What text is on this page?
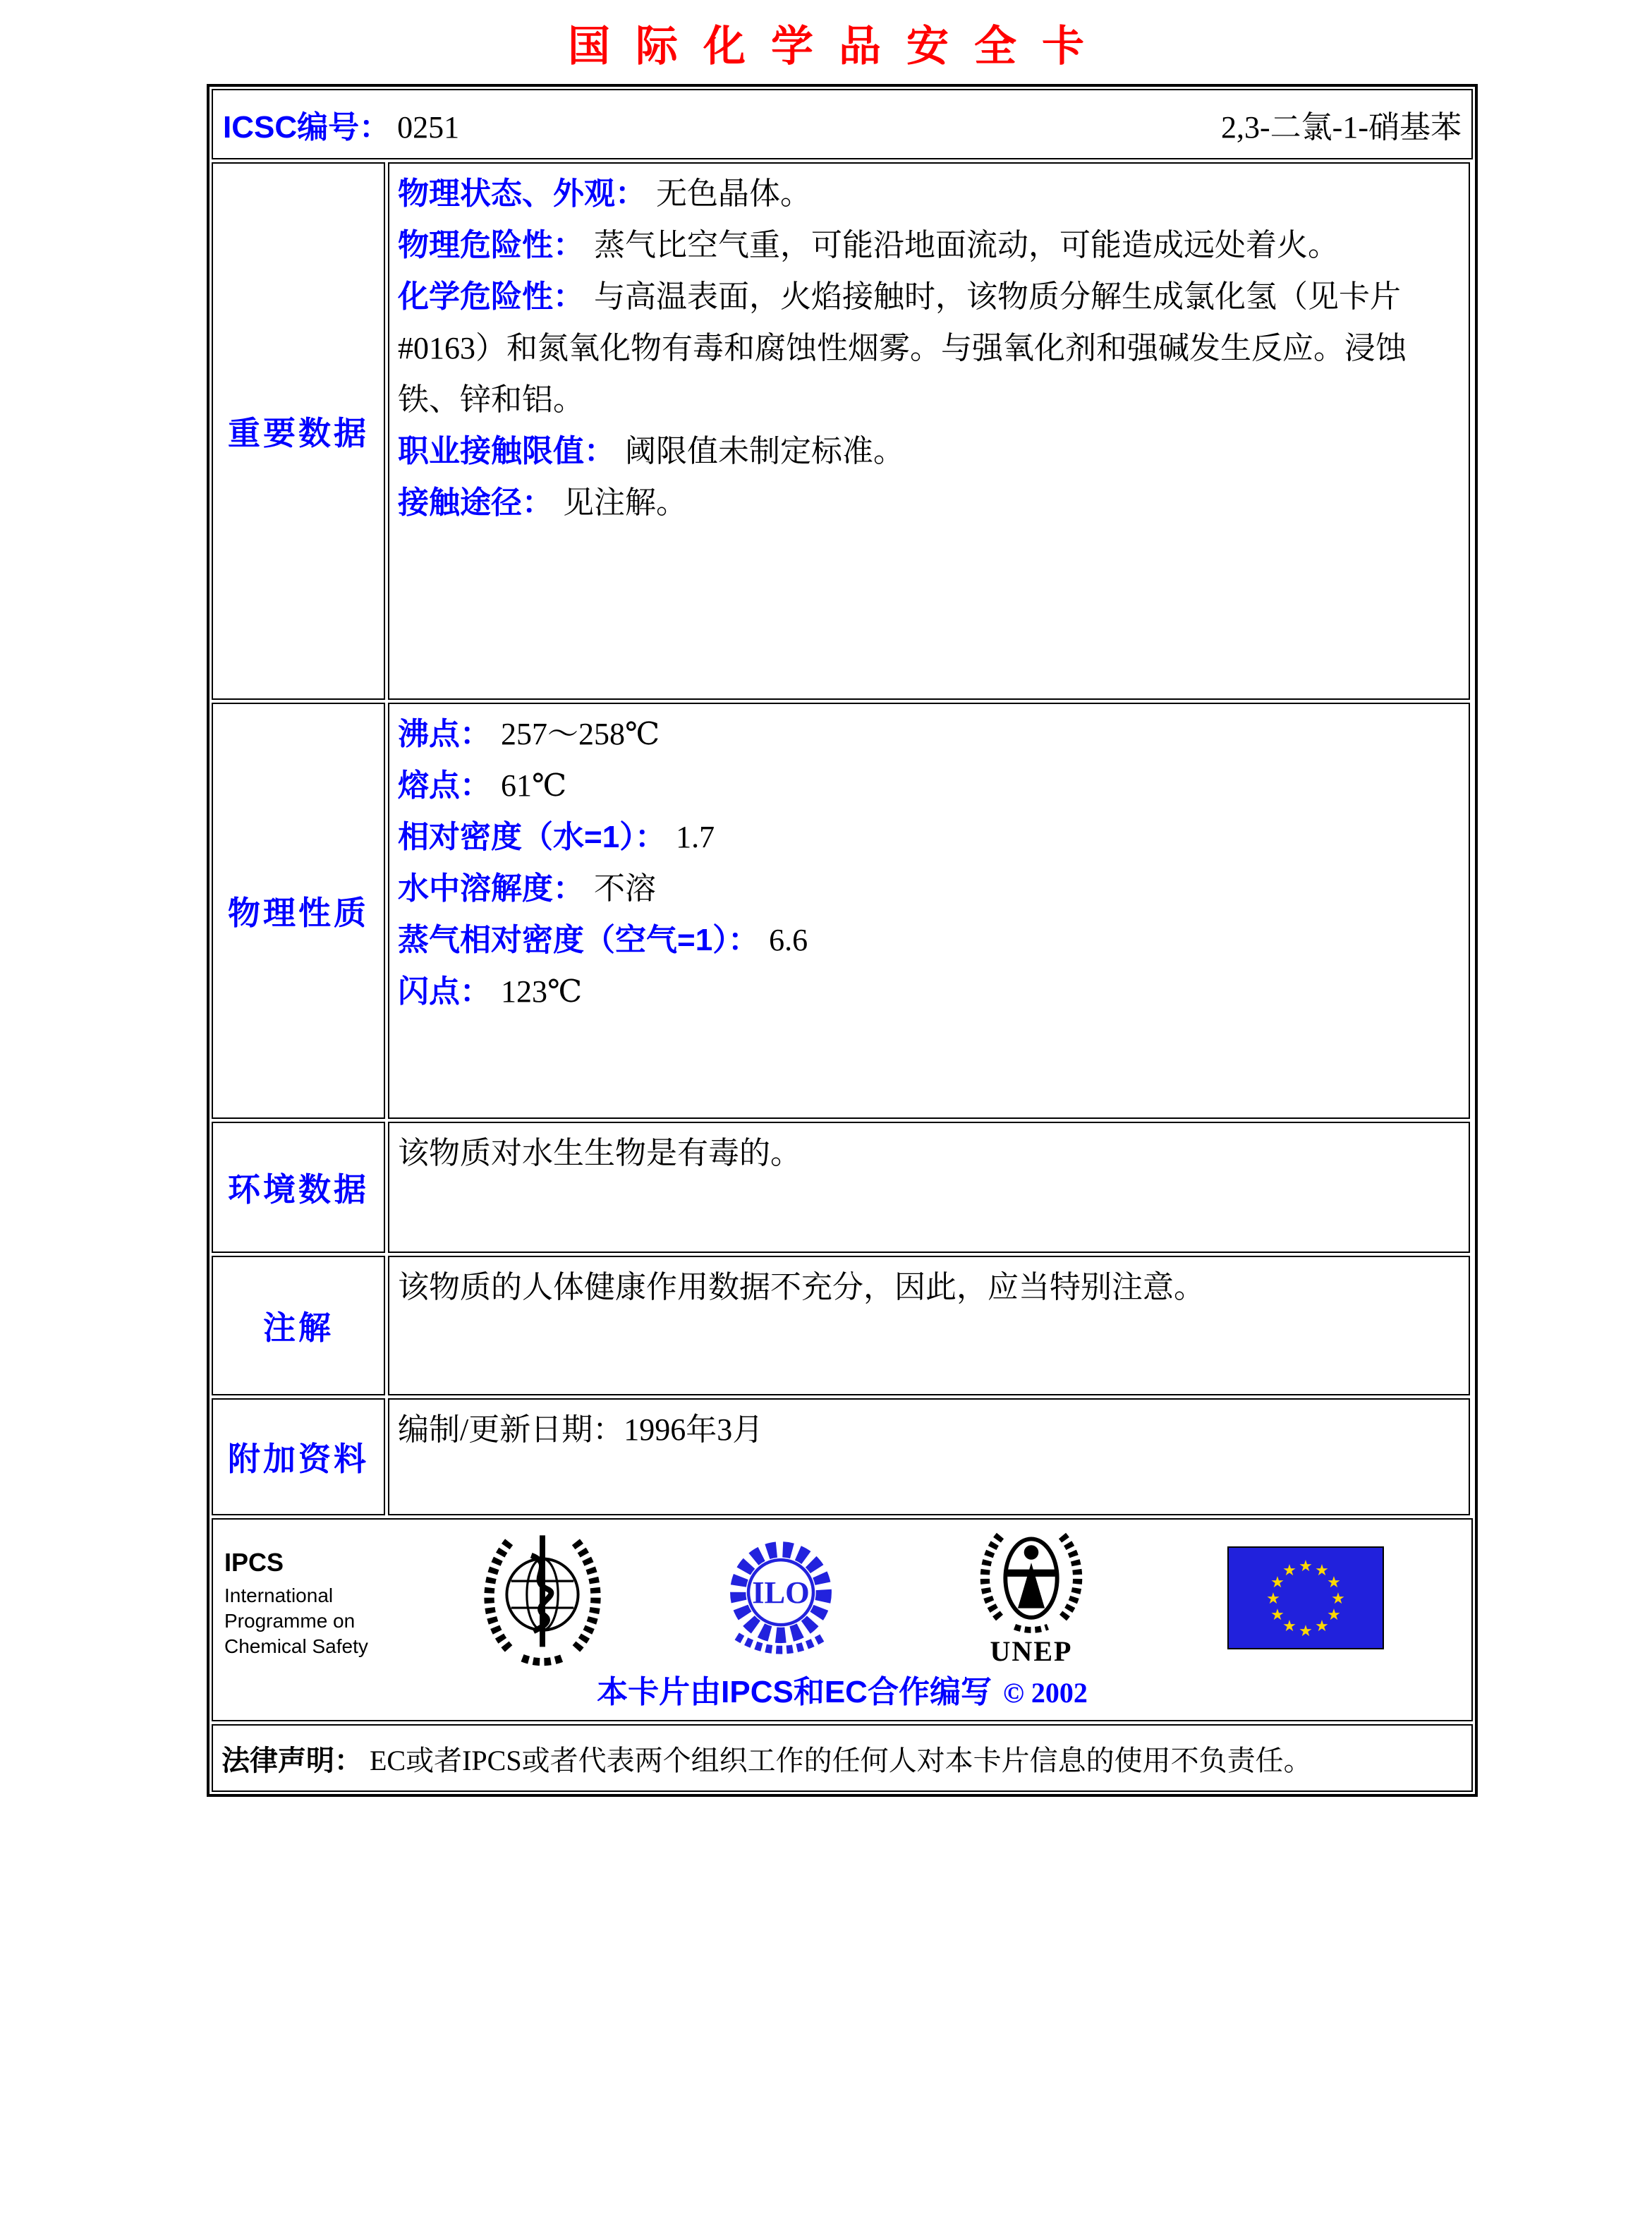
国际化学品安全卡
ICSC编号： 0251	2,3-二氯-1-硝基苯
重要数据

物理状态、外观： 无色晶体。

物理危险性： 蒸气比空气重，可能沿地面流动，可能造成远处着火。

化学危险性： 与高温表面，火焰接触时，该物质分解生成氯化氢（见卡片#0163）和氮氧化物有毒和腐蚀性烟雾。与强氧化剂和强碱发生反应。浸蚀铁、锌和铝。

职业接触限值： 阈限值未制定标准。

接触途径： 见注解。

物理性质

沸点： 257～258℃

熔点： 61℃

相对密度（水=1）： 1.7

水中溶解度： 不溶

蒸气相对密度（空气=1）： 6.6

闪点： 123℃

环境数据

该物质对水生生物是有毒的。

注解

该物质的人体健康作用数据不充分，因此，应当特别注意。

附加资料

编制/更新日期：1996年3月

IPCS
International
Programme on
Chemical Safety
ILO
UNEP
★ ★
★
★
★
★
★
★
★
★
★
★
本卡片由IPCS和EC合作编写 © 2002
法律声明： EC或者IPCS或者代表两个组织工作的任何人对本卡片信息的使用不负责任。
